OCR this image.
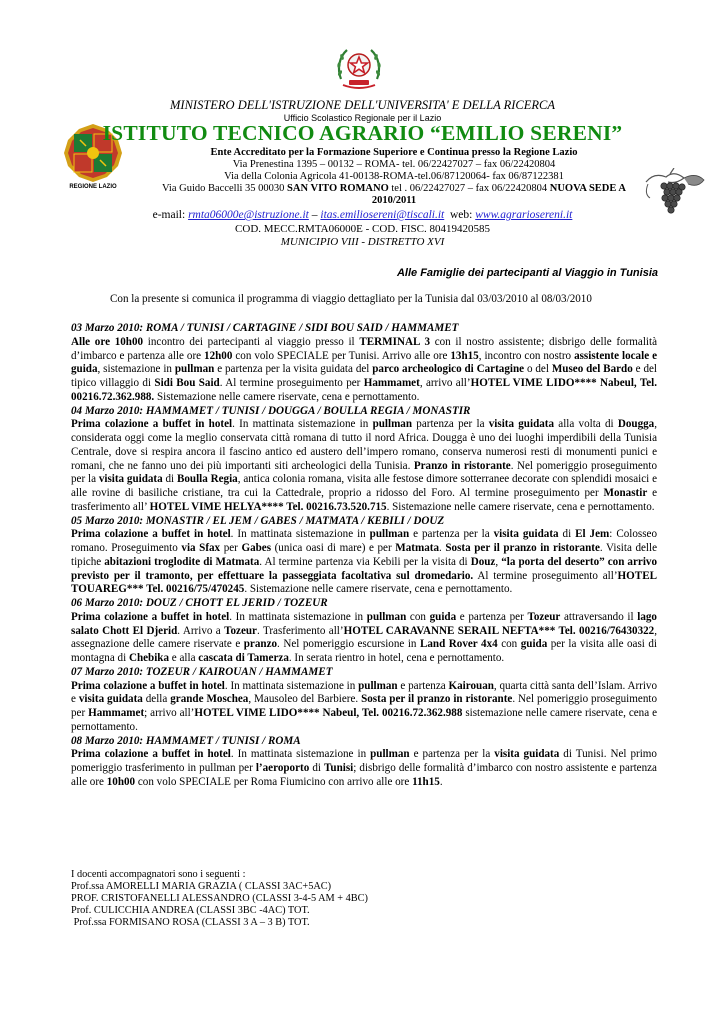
MINISTERO DELL'ISTRUZIONE DELL'UNIVERSITA' E DELLA RICERCA
Ufficio Scolastico Regionale per il Lazio
REGIONE LAZIO
ISTITUTO TECNICO AGRARIO “EMILIO SERENI”
Ente Accreditato per la Formazione Superiore e Continua presso la Regione Lazio
Via Prenestina 1395 – 00132 – ROMA- tel. 06/22427027 – fax 06/22420804
Via della Colonia Agricola 41-00138-ROMA-tel.06/87120064- fax 06/87122381
Via Guido Baccelli 35 00030 SAN VITO ROMANO tel . 06/22427027 – fax 06/22420804 NUOVA SEDE A
2010/2011
e-mail: rmta06000e@istruzione.it – itas.emiliosereni@tiscali.it  web: www.agrariosereni.it
COD. MECC.RMTA06000E - COD. FISC. 80419420585
MUNICIPIO VIII - DISTRETTO XVI
Alle Famiglie dei partecipanti al Viaggio in Tunisia
Con la presente si comunica il programma di viaggio dettagliato per la Tunisia dal 03/03/2010 al 08/03/2010
03 Marzo 2010: ROMA / TUNISI / CARTAGINE / SIDI BOU SAID / HAMMAMET

Alle ore 10h00 incontro dei partecipanti al viaggio presso il TERMINAL 3 con il nostro assistente; disbrigo delle formalità d’imbarco e partenza alle ore 12h00 con volo SPECIALE per Tunisi. Arrivo alle ore 13h15, incontro con nostro assistente locale e guida, sistemazione in pullman e partenza per la visita guidata del parco archeologico di Cartagine o del Museo del Bardo e del tipico villaggio di Sidi Bou Said. Al termine proseguimento per Hammamet, arrivo all’HOTEL VIME LIDO**** Nabeul, Tel. 00216.72.362.988. Sistemazione nelle camere riservate, cena e pernottamento.

04 Marzo 2010: HAMMAMET / TUNISI / DOUGGA / BOULLA REGIA / MONASTIR

Prima colazione a buffet in hotel. In mattinata sistemazione in pullman partenza per la visita guidata alla volta di Dougga, considerata oggi come la meglio conservata città romana di tutto il nord Africa. Dougga è uno dei luoghi imperdibili della Tunisia Centrale, dove si respira ancora il fascino antico ed austero dell’impero romano, conserva numerosi resti di monumenti punici e romani, che ne fanno uno dei più importanti siti archeologici della Tunisia. Pranzo in ristorante. Nel pomeriggio proseguimento per la visita guidata di Boulla Regia, antica colonia romana, visita alle festose dimore sotterranee decorate con splendidi mosaici e alle rovine di basiliche cristiane, tra cui la Cattedrale, proprio a ridosso del Foro. Al termine proseguimento per Monastir e trasferimento all’ HOTEL VIME HELYA**** Tel. 00216.73.520.715. Sistemazione nelle camere riservate, cena e pernottamento.

05 Marzo 2010: MONASTIR / EL JEM / GABES / MATMATA / KEBILI / DOUZ

Prima colazione a buffet in hotel. In mattinata sistemazione in pullman e partenza per la visita guidata di El Jem: Colosseo romano. Proseguimento via Sfax per Gabes (unica oasi di mare) e per Matmata. Sosta per il pranzo in ristorante. Visita delle tipiche abitazioni troglodite di Matmata. Al termine partenza via Kebili per la visita di Douz, “la porta del deserto” con arrivo previsto per il tramonto, per effettuare la passeggiata facoltativa sul dromedario. Al termine proseguimento all’HOTEL TOUAREG*** Tel. 00216/75/470245. Sistemazione nelle camere riservate, cena e pernottamento.

06 Marzo 2010: DOUZ / CHOTT EL JERID / TOZEUR

Prima colazione a buffet in hotel. In mattinata sistemazione in pullman con guida e partenza per Tozeur attraversando il lago salato Chott El Djerid. Arrivo a Tozeur. Trasferimento all’HOTEL CARAVANNE SERAIL NEFTA*** Tel. 00216/76430322, assegnazione delle camere riservate e pranzo. Nel pomeriggio escursione in Land Rover 4x4 con guida per la visita alle oasi di montagna di Chebika e alla cascata di Tamerza. In serata rientro in hotel, cena e pernottamento.

07 Marzo 2010: TOZEUR / KAIROUAN / HAMMAMET

Prima colazione a buffet in hotel. In mattinata sistemazione in pullman e partenza Kairouan, quarta città santa dell’Islam. Arrivo e visita guidata della grande Moschea, Mausoleo del Barbiere. Sosta per il pranzo in ristorante. Nel pomeriggio proseguimento per Hammamet; arrivo all’HOTEL VIME LIDO**** Nabeul, Tel. 00216.72.362.988 sistemazione nelle camere riservate, cena e pernottamento.

08 Marzo 2010: HAMMAMET / TUNISI / ROMA

Prima colazione a buffet in hotel. In mattinata sistemazione in pullman e partenza per la visita guidata di Tunisi. Nel primo pomeriggio trasferimento in pullman per l’aeroporto di Tunisi; disbrigo delle formalità d’imbarco con nostro assistente e partenza alle ore 10h00 con volo SPECIALE per Roma Fiumicino con arrivo alle ore 11h15.

I docenti accompagnatori sono i seguenti :
Prof.ssa AMORELLI MARIA GRAZIA ( CLASSI 3AC+5AC)
PROF. CRISTOFANELLI ALESSANDRO (CLASSI 3-4-5 AM + 4BC)
Prof. CULICCHIA ANDREA (CLASSI 3BC -4AC) TOT.
Prof.ssa FORMISANO ROSA (CLASSI 3 A – 3 B) TOT.
